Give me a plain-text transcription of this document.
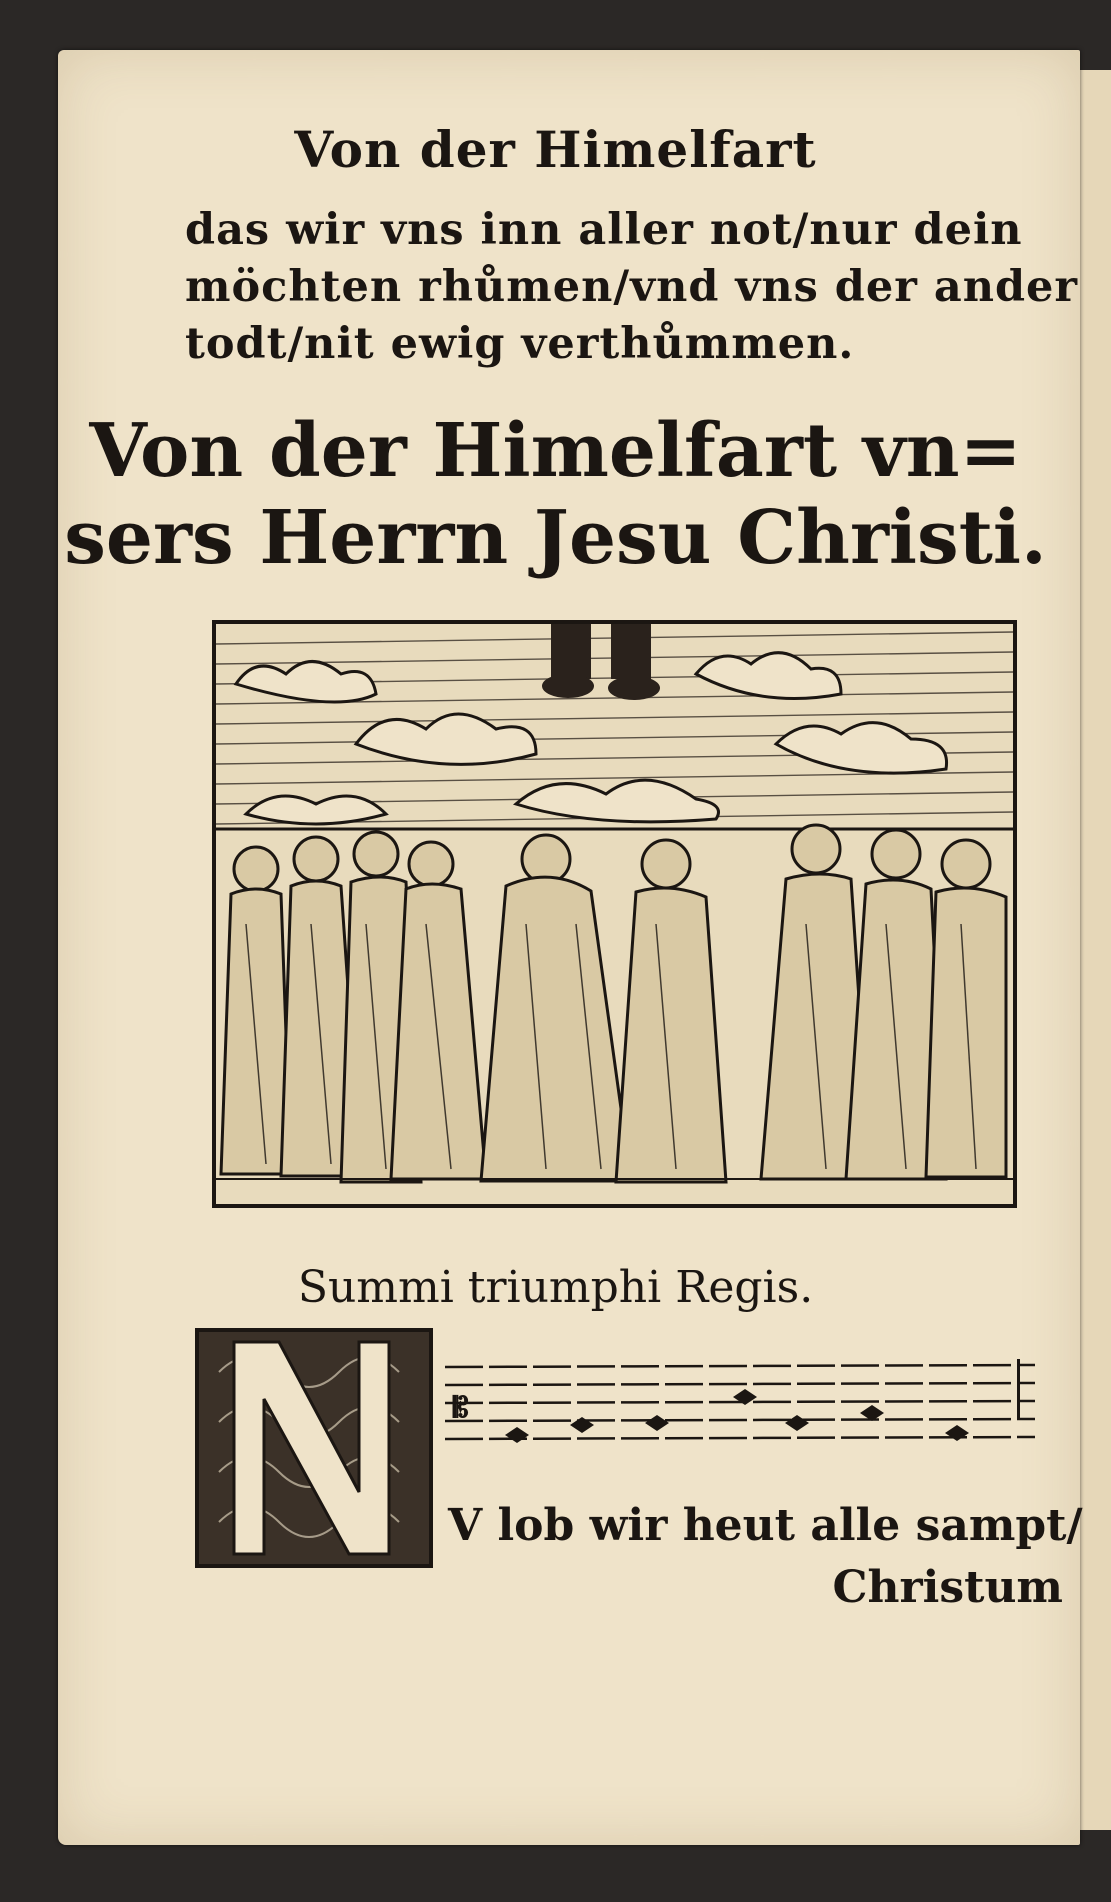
Von der Himelfart
das wir vns inn aller not/nur dein
möchten rhůmen/vnd vns der ander
todt/nit ewig verthůmmen.
Von der Himelfart vn=
sers Herrn Jesu Christi.
Summi triumphi Regis.
𝄡
V lob wir heut alle sampt/
Christum
